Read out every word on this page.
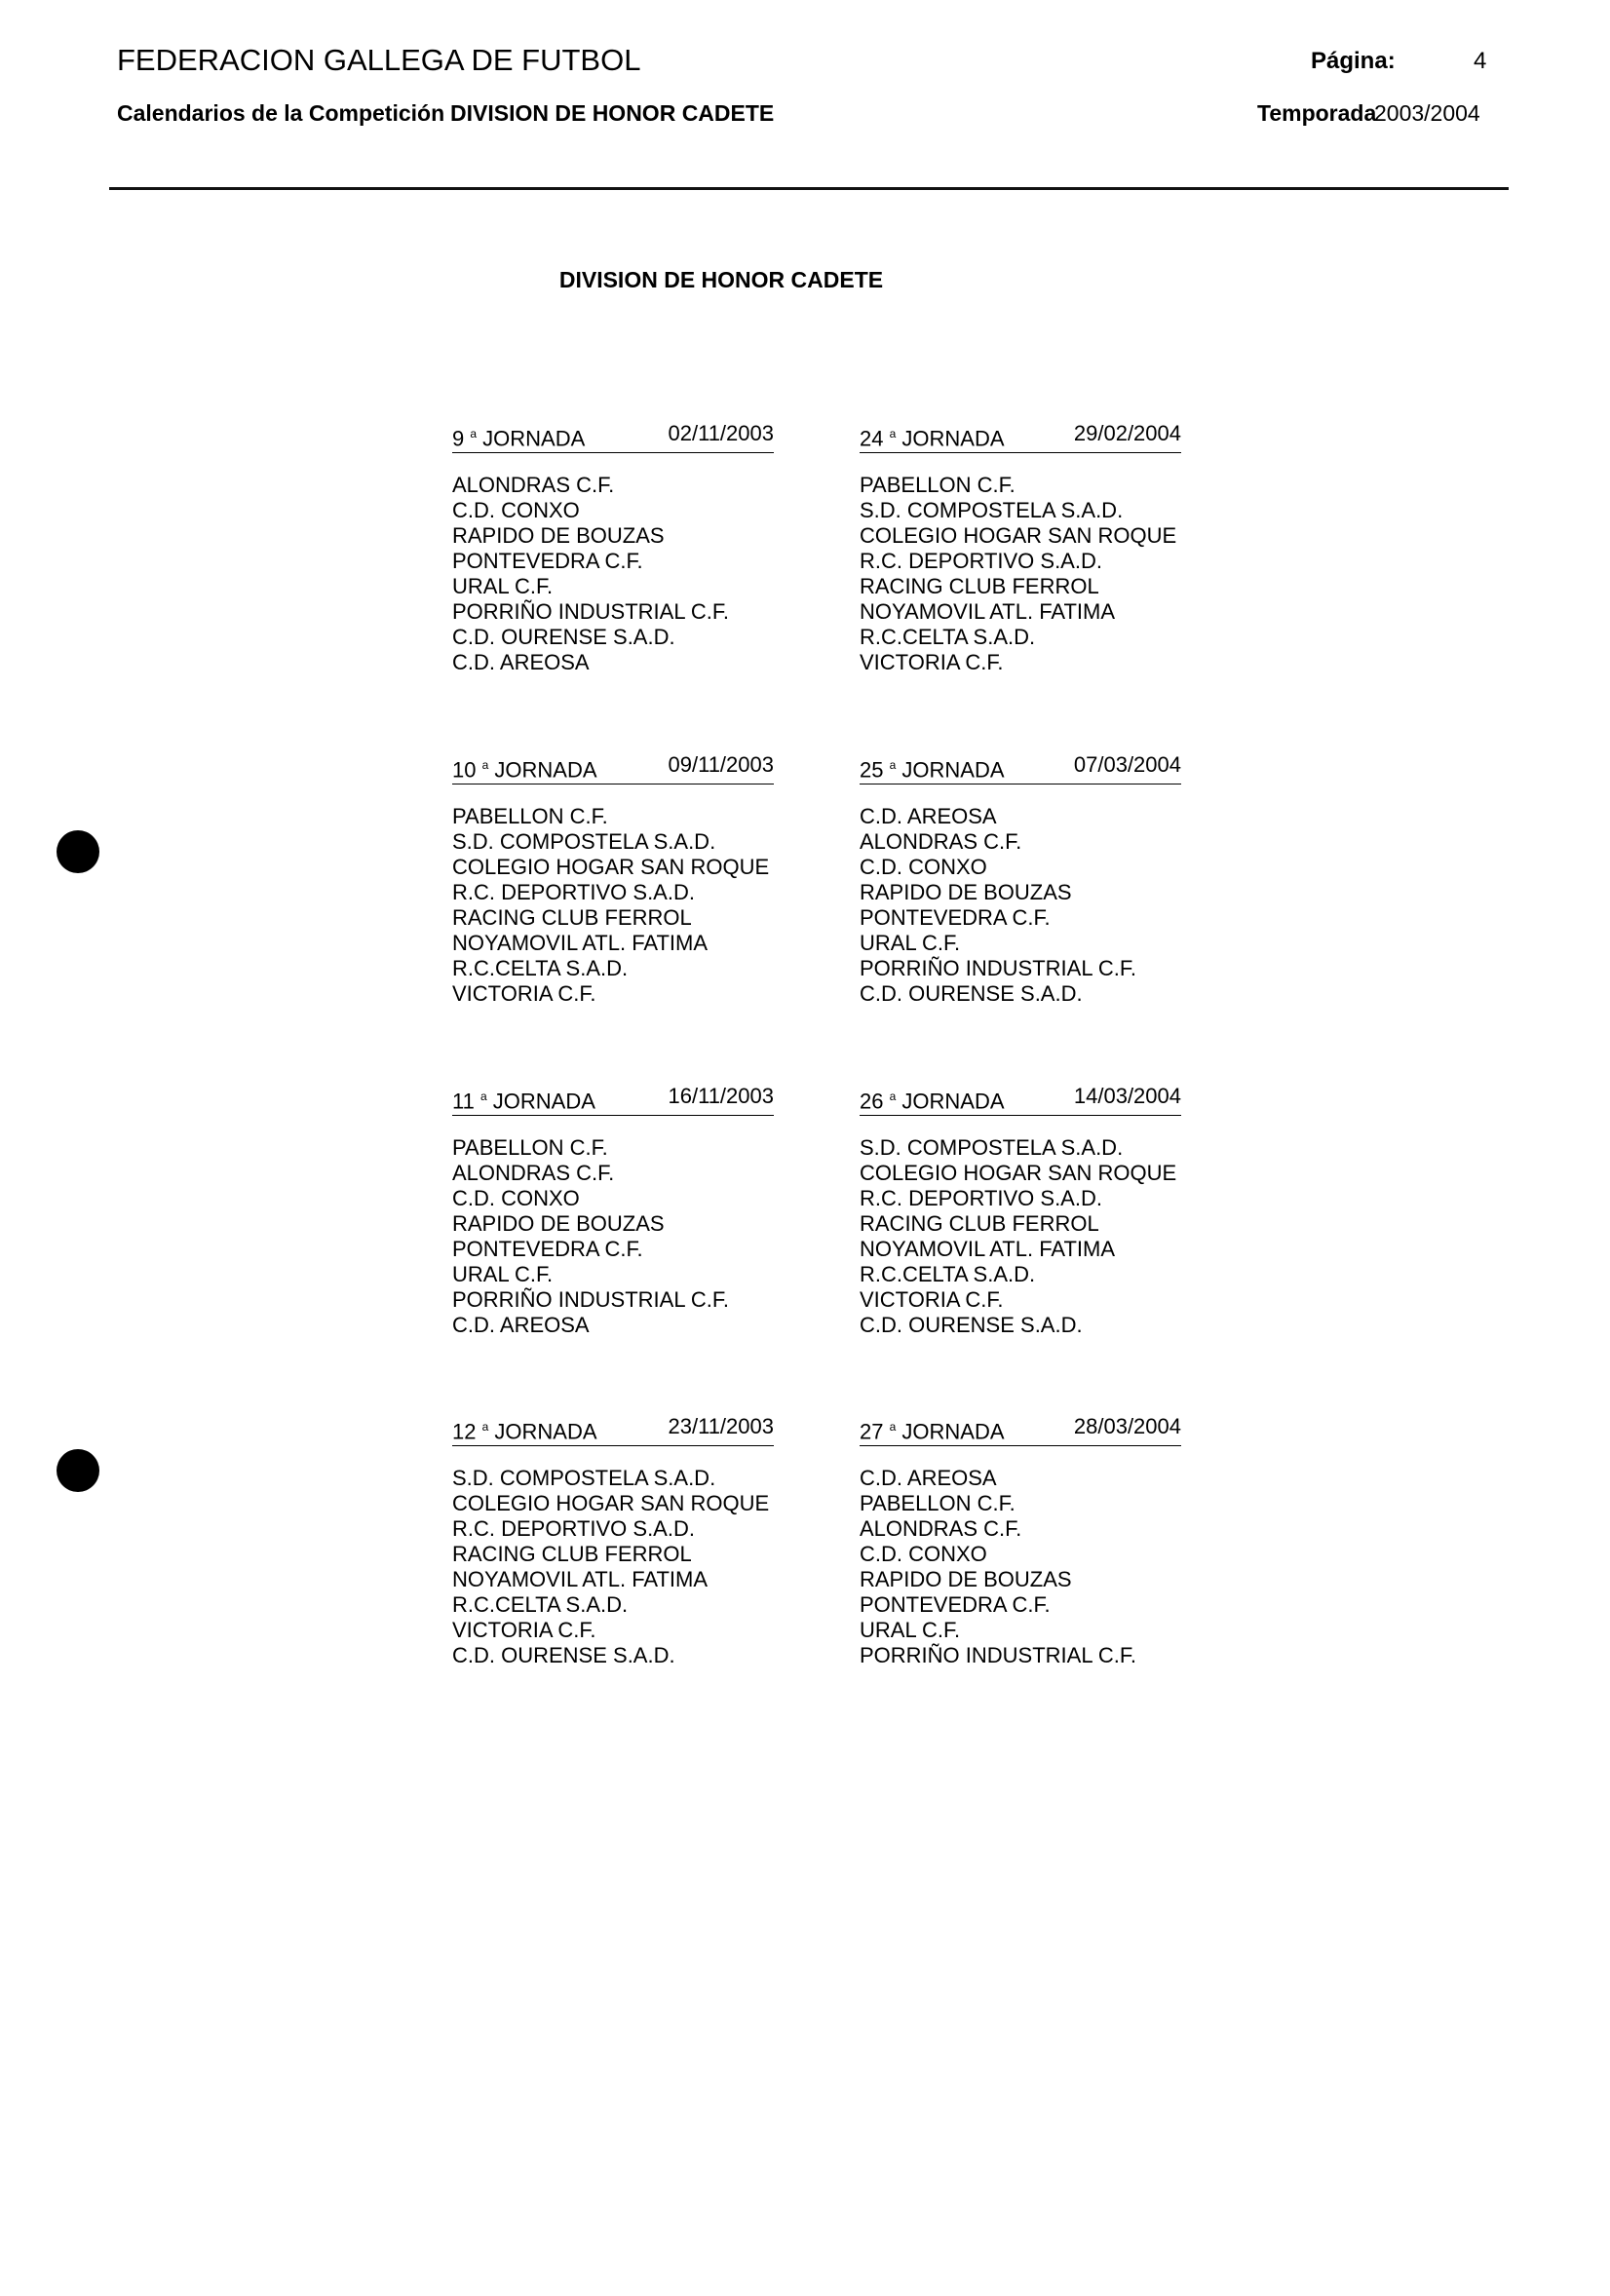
FEDERACION GALLEGA DE FUTBOL	Página:	4
Calendarios de la Competición DIVISION DE HONOR CADETE	Temporada
2003/2004
DIVISION DE HONOR CADETE
9 $^a$ JORNADA	02/11/2003
ALONDRAS C.F.
C.D. CONXO
RAPIDO DE BOUZAS
PONTEVEDRA C.F.
URAL C.F.
PORRIÑO INDUSTRIAL C.F.
C.D. OURENSE S.A.D.
C.D. AREOSA
24 $^a$ JORNADA	29/02/2004
PABELLON C.F.
S.D. COMPOSTELA S.A.D.
COLEGIO HOGAR SAN ROQUE
R.C. DEPORTIVO S.A.D.
RACING CLUB FERROL
NOYAMOVIL ATL. FATIMA
R.C.CELTA S.A.D.
VICTORIA C.F.
10 $^a$ JORNADA	09/11/2003
PABELLON C.F.
S.D. COMPOSTELA S.A.D.
COLEGIO HOGAR SAN ROQUE
R.C. DEPORTIVO S.A.D.
RACING CLUB FERROL
NOYAMOVIL ATL. FATIMA
R.C.CELTA S.A.D.
VICTORIA C.F.
25 $^a$ JORNADA	07/03/2004
C.D. AREOSA
ALONDRAS C.F.
C.D. CONXO
RAPIDO DE BOUZAS
PONTEVEDRA C.F.
URAL C.F.
PORRIÑO INDUSTRIAL C.F.
C.D. OURENSE S.A.D.
11 $^a$ JORNADA	16/11/2003
PABELLON C.F.
ALONDRAS C.F.
C.D. CONXO
RAPIDO DE BOUZAS
PONTEVEDRA C.F.
URAL C.F.
PORRIÑO INDUSTRIAL C.F.
C.D. AREOSA
26 $^a$ JORNADA	14/03/2004
S.D. COMPOSTELA S.A.D.
COLEGIO HOGAR SAN ROQUE
R.C. DEPORTIVO S.A.D.
RACING CLUB FERROL
NOYAMOVIL ATL. FATIMA
R.C.CELTA S.A.D.
VICTORIA C.F.
C.D. OURENSE S.A.D.
12 $^a$ JORNADA	23/11/2003
S.D. COMPOSTELA S.A.D.
COLEGIO HOGAR SAN ROQUE
R.C. DEPORTIVO S.A.D.
RACING CLUB FERROL
NOYAMOVIL ATL. FATIMA
R.C.CELTA S.A.D.
VICTORIA C.F.
C.D. OURENSE S.A.D.
27 $^a$ JORNADA	28/03/2004
C.D. AREOSA
PABELLON C.F.
ALONDRAS C.F.
C.D. CONXO
RAPIDO DE BOUZAS
PONTEVEDRA C.F.
URAL C.F.
PORRIÑO INDUSTRIAL C.F.
